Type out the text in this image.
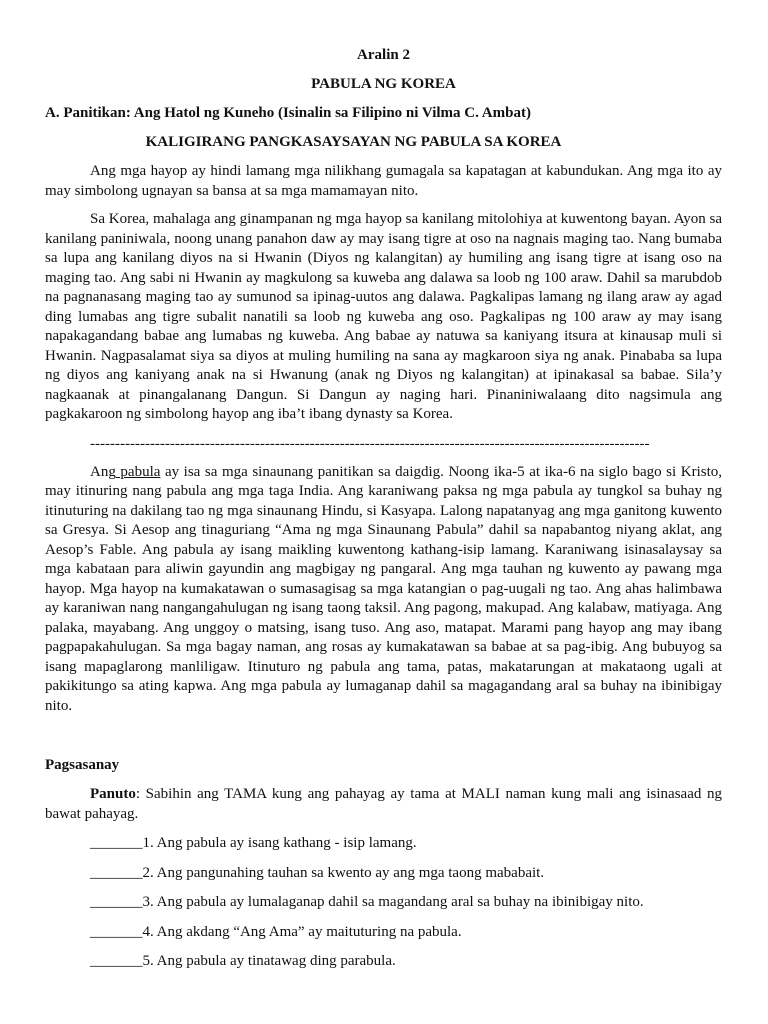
Aralin 2
PABULA NG KOREA
A. Panitikan: Ang Hatol ng Kuneho (Isinalin sa Filipino ni Vilma C. Ambat)
KALIGIRANG PANGKASAYSAYAN NG PABULA SA KOREA

Ang mga hayop ay hindi lamang mga nilikhang gumagala sa kapatagan at kabundukan. Ang mga ito ay may simbolong ugnayan sa bansa at sa mga mamamayan nito.

Sa Korea, mahalaga ang ginampanan ng mga hayop sa kanilang mitolohiya at kuwentong bayan. Ayon sa kanilang paniniwala, noong unang panahon daw ay may isang tigre at oso na nagnais maging tao. Nang bumaba sa lupa ang kanilang diyos na si Hwanin (Diyos ng kalangitan) ay humiling ang isang tigre at isang oso na maging tao. Ang sabi ni Hwanin ay magkulong sa kuweba ang dalawa sa loob ng 100 araw. Dahil sa marubdob na pagnanasang maging tao ay sumunod sa ipinag-uutos ang dalawa. Pagkalipas lamang ng ilang araw ay agad ding lumabas ang tigre subalit nanatili sa loob ng kuweba ang oso. Pagkalipas ng 100 araw ay may isang napakagandang babae ang lumabas ng kuweba. Ang babae ay natuwa sa kaniyang itsura at kinausap muli si Hwanin. Nagpasalamat siya sa diyos at muling humiling na sana ay magkaroon siya ng anak. Pinababa sa lupa ng diyos ang kaniyang anak na si Hwanung (anak ng Diyos ng kalangitan) at ipinakasal sa babae. Sila’y nagkaanak at pinangalanang Dangun. Si Dangun ay naging hari. Pinaniniwalaang dito nagsimula ang pagkakaroon ng simbolong hayop ang iba’t ibang dynasty sa Korea.

----------------------------------------------------------------------------------------------------------------

Ang pabula ay isa sa mga sinaunang panitikan sa daigdig. Noong ika-5 at ika-6 na siglo bago si Kristo, may itinuring nang pabula ang mga taga India. Ang karaniwang paksa ng mga pabula ay tungkol sa buhay ng itinuturing na dakilang tao ng mga sinaunang Hindu, si Kasyapa. Lalong napatanyag ang mga ganitong kuwento sa Gresya. Si Aesop ang tinaguriang “Ama ng mga Sinaunang Pabula” dahil sa napabantog niyang aklat, ang Aesop’s Fable. Ang pabula ay isang maikling kuwentong kathang-isip lamang. Karaniwang isinasalaysay sa mga kabataan para aliwin gayundin ang magbigay ng pangaral. Ang mga tauhan ng kuwento ay pawang mga hayop. Mga hayop na kumakatawan o sumasagisag sa mga katangian o pag-uugali ng tao. Ang ahas halimbawa ay karaniwan nang nangangahulugan ng isang taong taksil. Ang pagong, makupad. Ang kalabaw, matiyaga. Ang palaka, mayabang. Ang unggoy o matsing, isang tuso. Ang aso, matapat. Marami pang hayop ang may ibang pagpapakahulugan. Sa mga bagay naman, ang rosas ay kumakatawan sa babae at sa pag-ibig. Ang bubuyog sa isang mapaglarong manliligaw. Itinuturo ng pabula ang tama, patas, makatarungan at makataong ugali at pakikitungo sa ating kapwa. Ang mga pabula ay lumaganap dahil sa magagandang aral sa buhay na ibinibigay nito.

Pagsasanay

Panuto: Sabihin ang TAMA kung ang pahayag ay tama at MALI naman kung mali ang isinasaad ng bawat pahayag.

_______1. Ang pabula ay isang kathang - isip lamang.
_______2. Ang pangunahing tauhan sa kwento ay ang mga taong mababait.
_______3. Ang pabula ay lumalaganap dahil sa magandang aral sa buhay na ibinibigay nito.
_______4. Ang akdang “Ang Ama” ay maituturing na pabula.
_______5. Ang pabula ay tinatawag ding parabula.
